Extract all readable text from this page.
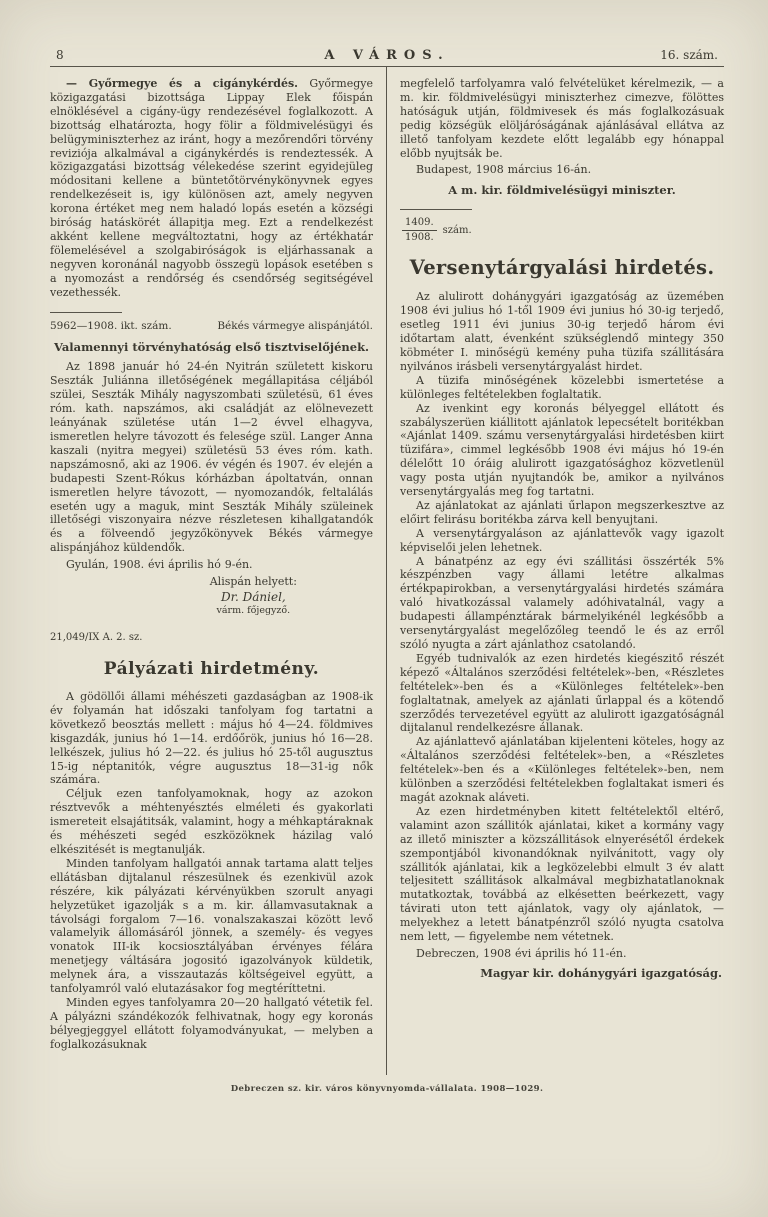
8	A VÁROS.	16. szám.

— Győrmegye és a cigánykérdés. Győrmegye közigazgatási bizottsága Lippay Elek főispán elnöklésével a cigány-ügy rendezésével foglalkozott. A bizottság elhatározta, hogy fölir a földmivelésügyi és belügyminiszterhez az iránt, hogy a mezőrendőri törvény reviziója alkalmával a cigánykérdés is rendeztessék. A közigazgatási bizottság vélekedése szerint egyidejüleg módositani kellene a büntetőtörvénykönyvnek egyes rendelkezéseit is, igy különösen azt, amely negyven korona értéket meg nem haladó lopás esetén a községi biróság hatáskörét állapitja meg. Ezt a rendelkezést akként kellene megváltoztatni, hogy az értékhatár fölemelésével a szolgabiróságok is eljárhassanak a negyven koronánál nagyobb összegü lopások esetében s a nyomozást a rendőrség és csendőrség segitségével vezethessék.

5962—1908. ikt. szám.	Békés vármegye alispánjától.
Valamennyi törvényhatóság első tisztviselőjének.

Az 1898 január hó 24-én Nyitrán született kiskoru Seszták Juliánna illetőségének megállapitása céljából szülei, Seszták Mihály nagyszombati születésü, 61 éves róm. kath. napszámos, aki családját az elölnevezett leányának születése után 1—2 évvel elhagyva, ismeretlen helyre távozott és felesége szül. Langer Anna kaszali (nyitra megyei) születésü 53 éves róm. kath. napszámosnő, aki az 1906. év végén és 1907. év elején a budapesti Szent-Rókus kórházban ápoltatván, onnan ismeretlen helyre távozott, — nyomozandók, feltalálás esetén ugy a maguk, mint Seszták Mihály szüleinek illetőségi viszonyaira nézve részletesen kihallgatandók és a fölveendő jegyzőkönyvek Békés vármegye alispánjához küldendők.

Gyulán, 1908. évi április hó 9-én.

Alispán helyett:
Dr. Dániel,
várm. főjegyző.

21,049/IX A. 2. sz.

Pályázati hirdetmény.

A gödöllői állami méhészeti gazdaságban az 1908-ik év folyamán hat időszaki tanfolyam fog tartatni a következő beosztás mellett : május hó 4—24. földmives kisgazdák, junius hó 1—14. erdőőrök, junius hó 16—28. lelkészek, julius hó 2—22. és julius hó 25-től augusztus 15-ig néptanitók, végre augusztus 18—31-ig nők számára.

Céljuk ezen tanfolyamoknak, hogy az azokon résztvevők a méhtenyésztés elméleti és gyakorlati ismereteit elsajátitsák, valamint, hogy a méhkaptáraknak és méhészeti segéd eszközöknek házilag való elkészitését is megtanulják.

Minden tanfolyam hallgatói annak tartama alatt teljes ellátásban dijtalanul részesülnek és ezenkivül azok részére, kik pályázati kérvényükben szorult anyagi helyzetüket igazolják s a m. kir. államvasutaknak a távolsági forgalom 7—16. vonalszakaszai között levő valamelyik állomásáról jönnek, a személy- és vegyes vonatok III-ik kocsiosztályában érvényes félára menetjegy váltására jogositó igazolványok küldetik, melynek ára, a visszautazás költségeivel együtt, a tanfolyamról való elutazásakor fog megtéríttetni.

Minden egyes tanfolyamra 20—20 hallgató vétetik fel. A pályázni szándékozók felhivatnak, hogy egy koronás bélyegjeggyel ellátott folyamodványukat, — melyben a foglalkozásuknak

megfelelő tarfolyamra való felvételüket kérelmezik, — a m. kir. földmivelésügyi miniszterhez cimezve, fölöttes hatóságuk utján, földmivesek és más foglalkozásuak pedig községük elöljáróságának ajánlásával ellátva az illető tanfolyam kezdete előtt legalább egy hónappal előbb nyujtsák be.

Budapest, 1908 március 16-án.

A m. kir. földmivelésügyi miniszter.

$\frac{1409.}{1908.}$ szám.
Versenytárgyalási hirdetés.

Az alulirott dohánygyári igazgatóság az üzemében 1908 évi julius hó 1-től 1909 évi junius hó 30-ig terjedő, esetleg 1911 évi junius 30-ig terjedő három évi időtartam alatt, évenként szükséglendő mintegy 350 köbméter I. minőségü kemény puha tüzifa szállitására nyilvános irásbeli versenytárgyalást hirdet.

A tüzifa minőségének közelebbi ismertetése a különleges feltételekben foglaltatik.

Az ivenkint egy koronás bélyeggel ellátott és szabályszerüen kiállitott ajánlatok lepecsételt boritékban «Ajánlat 1409. számu versenytárgyalási hirdetésben kiirt tüzifára», cimmel legkésőbb 1908 évi május hó 19-én délelőtt 10 óráig alulirott igazgatósághoz közvetlenül vagy posta utján nyujtandók be, amikor a nyilvános versenytárgyalás meg fog tartatni.

Az ajánlatokat az ajánlati űrlapon megszerkesztve az előirt felirásu boritékba zárva kell benyujtani.

A versenytárgyaláson az ajánlattevők vagy igazolt képviselői jelen lehetnek.

A bánatpénz az egy évi szállitási összérték 5% készpénzben vagy állami letétre alkalmas értékpapirokban, a versenytárgyalási hirdetés számára való hivatkozással valamely adóhivatalnál, vagy a budapesti állampénztárak bármelyikénél legkésőbb a versenytárgyalást megelőzőleg teendő le és az erről szóló nyugta a zárt ajánlathoz csatolandó.

Egyéb tudnivalók az ezen hirdetés kiegészitő részét képező «Általános szerződési feltételek»-ben, «Részletes feltételek»-ben és a «Különleges feltételek»-ben foglaltatnak, amelyek az ajánlati űrlappal és a kötendő szerződés tervezetével együtt az alulirott igazgatóságnál dijtalanul rendelkezésre állanak.

Az ajánlattevő ajánlatában kijelenteni köteles, hogy az «Általános szerződési feltételek»-ben, a «Részletes feltételek»-ben és a «Különleges feltételek»-ben, nem különben a szerződési feltételekben foglaltakat ismeri és magát azoknak aláveti.

Az ezen hirdetményben kitett feltételektől eltérő, valamint azon szállitók ajánlatai, kiket a kormány vagy az illető miniszter a közszállitások elnyerésétől érdekek szempontjából kivonandóknak nyilvánitott, vagy oly szállitók ajánlatai, kik a legközelebbi elmult 3 év alatt teljesitett szállitások alkalmával megbizhatatlanoknak mutatkoztak, továbbá az elkésetten beérkezett, vagy távirati uton tett ajánlatok, vagy oly ajánlatok, — melyekhez a letett bánatpénzről szóló nyugta csatolva nem lett, — figyelembe nem vétetnek.

Debreczen, 1908 évi április hó 11-én.

Magyar kir. dohánygyári igazgatóság.

Debreczen sz. kir. város könyvnyomda-vállalata. 1908—1029.
